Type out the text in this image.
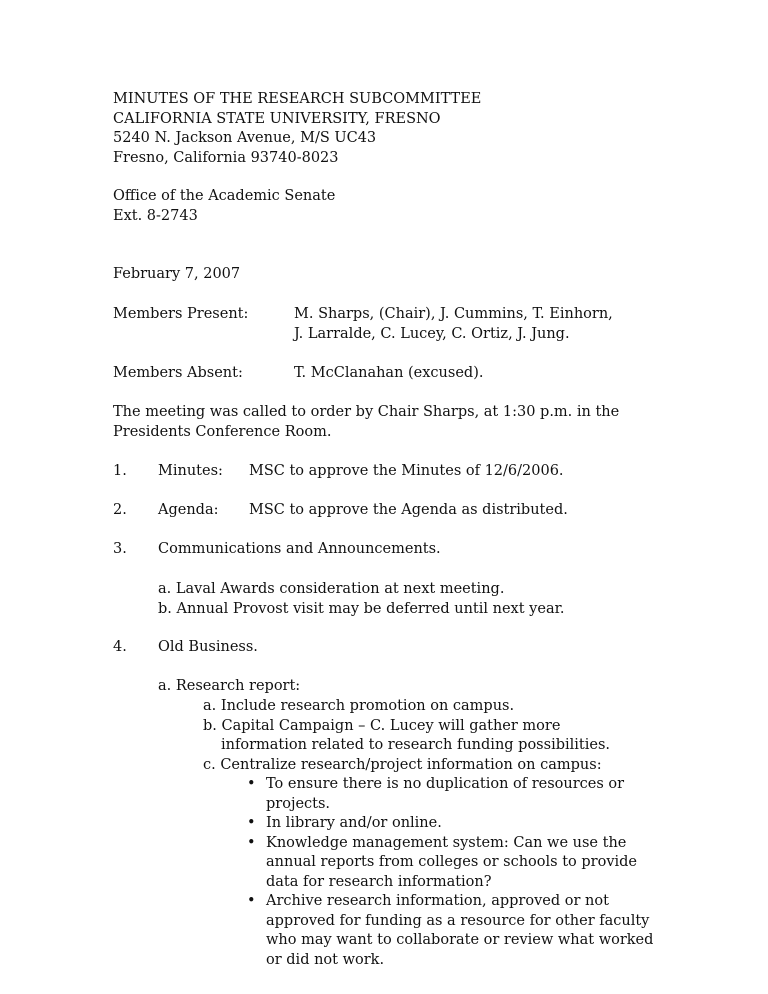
MINUTES OF THE RESEARCH SUBCOMMITTEE
CALIFORNIA STATE UNIVERSITY, FRESNO
5240 N. Jackson Avenue, M/S UC43
Fresno, California 93740-8023
Office of the Academic Senate
Ext. 8-2743

February 7, 2007

Members Present:	M. Sharps, (Chair), J. Cummins, T. Einhorn,
J. Larralde, C. Lucey, C. Ortiz, J. Jung.

Members Absent:	T. McClanahan (excused).

The meeting was called to order by Chair Sharps, at 1:30 p.m. in the
Presidents Conference Room.

1. Minutes: MSC to approve the Minutes of 12/6/2006.

2. Agenda: MSC to approve the Agenda as distributed.

3. Communications and Announcements.

a. Laval Awards consideration at next meeting.
b. Annual Provost visit may be deferred until next year.

4. Old Business.

a. Research report:

a. Include research promotion on campus.
b. Capital Campaign – C. Lucey will gather more
information related to research funding possibilities.
c. Centralize research/project information on campus:
• To ensure there is no duplication of resources or
projects.
• In library and/or online.
• Knowledge management system: Can we use the
annual reports from colleges or schools to provide
data for research information?
• Archive research information, approved or not
approved for funding as a resource for other faculty
who may want to collaborate or review what worked
or did not work.
